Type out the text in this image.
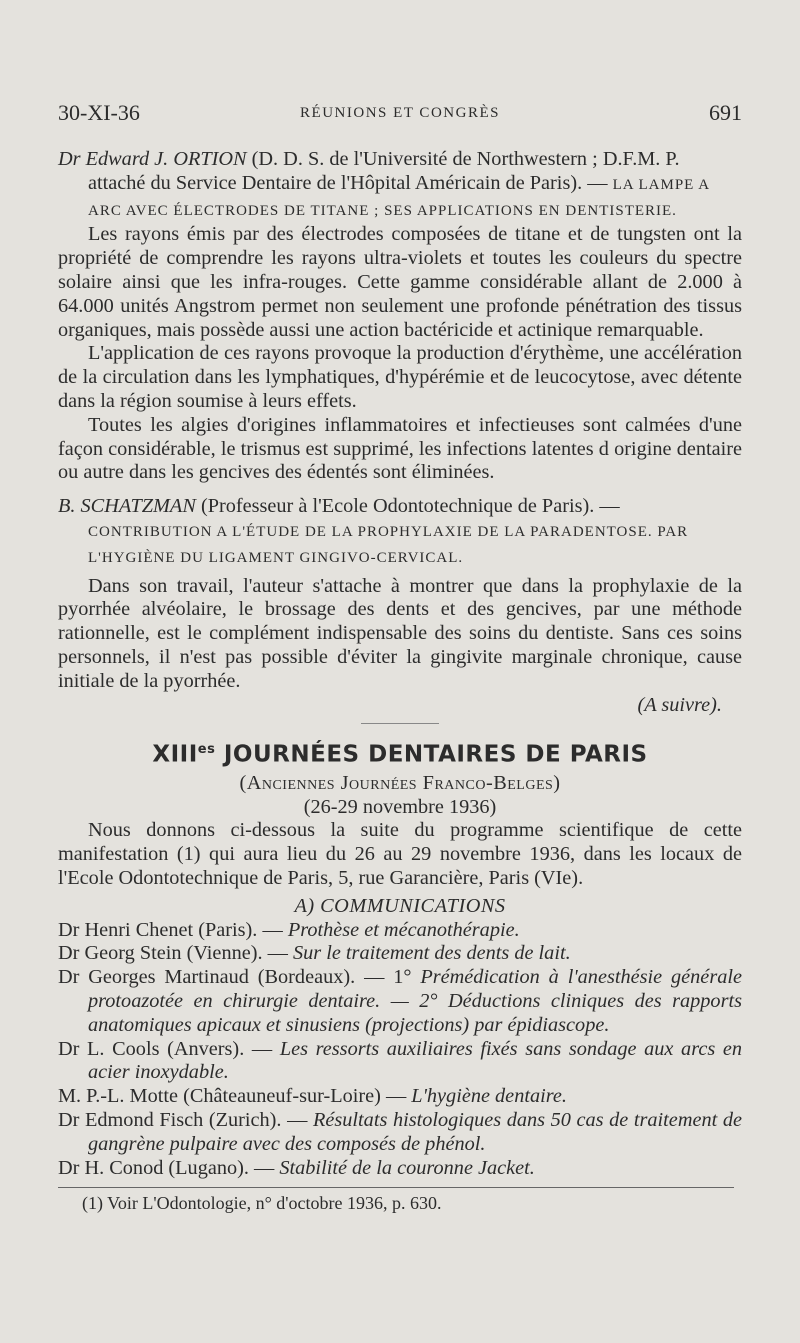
30-XI-36	RÉUNIONS ET CONGRÈS	691

Dr Edward J. ORTION (D. D. S. de l'Université de Northwestern ; D.F.M. P. attaché du Service Dentaire de l'Hôpital Américain de Paris). — LA LAMPE A ARC AVEC ÉLECTRODES DE TITANE ; SES APPLICATIONS EN DENTISTERIE.

Les rayons émis par des électrodes composées de titane et de tungsten ont la propriété de comprendre les rayons ultra-violets et toutes les couleurs du spectre solaire ainsi que les infra-rouges. Cette gamme considérable allant de 2.000 à 64.000 unités Angstrom permet non seulement une profonde pénétration des tissus organiques, mais possède aussi une action bactéricide et actinique remarquable.

L'application de ces rayons provoque la production d'érythème, une accélération de la circulation dans les lymphatiques, d'hypérémie et de leucocytose, avec détente dans la région soumise à leurs effets.

Toutes les algies d'origines inflammatoires et infectieuses sont calmées d'une façon considérable, le trismus est supprimé, les infections latentes d origine dentaire ou autre dans les gencives des édentés sont éliminées.

B. SCHATZMAN (Professeur à l'Ecole Odontotechnique de Paris). — CONTRIBUTION A L'ÉTUDE DE LA PROPHYLAXIE DE LA PARADENTOSE. PAR L'HYGIÈNE DU LIGAMENT GINGIVO-CERVICAL.

Dans son travail, l'auteur s'attache à montrer que dans la prophylaxie de la pyorrhée alvéolaire, le brossage des dents et des gencives, par une méthode rationnelle, est le complément indispensable des soins du dentiste. Sans ces soins personnels, il n'est pas possible d'éviter la gingivite marginale chronique, cause initiale de la pyorrhée.

(A suivre).

$XIII^{es}$ JOURNÉES DENTAIRES DE PARIS

(Anciennes Journées Franco-Belges)

(26-29 novembre 1936)

Nous donnons ci-dessous la suite du programme scientifique de cette manifestation (1) qui aura lieu du 26 au 29 novembre 1936, dans les locaux de l'Ecole Odontotechnique de Paris, 5, rue Garancière, Paris (VIe).

A) COMMUNICATIONS

Dr Henri Chenet (Paris). — Prothèse et mécanothérapie.

Dr Georg Stein (Vienne). — Sur le traitement des dents de lait.

Dr Georges Martinaud (Bordeaux). — 1° Prémédication à l'anesthésie générale protoazotée en chirurgie dentaire. — 2° Déductions cliniques des rapports anatomiques apicaux et sinusiens (projections) par épidiascope.

Dr L. Cools (Anvers). — Les ressorts auxiliaires fixés sans sondage aux arcs en acier inoxydable.

M. P.-L. Motte (Châteauneuf-sur-Loire) — L'hygiène dentaire.

Dr Edmond Fisch (Zurich). — Résultats histologiques dans 50 cas de traitement de gangrène pulpaire avec des composés de phénol.

Dr H. Conod (Lugano). — Stabilité de la couronne Jacket.

(1) Voir L'Odontologie, n° d'octobre 1936, p. 630.
